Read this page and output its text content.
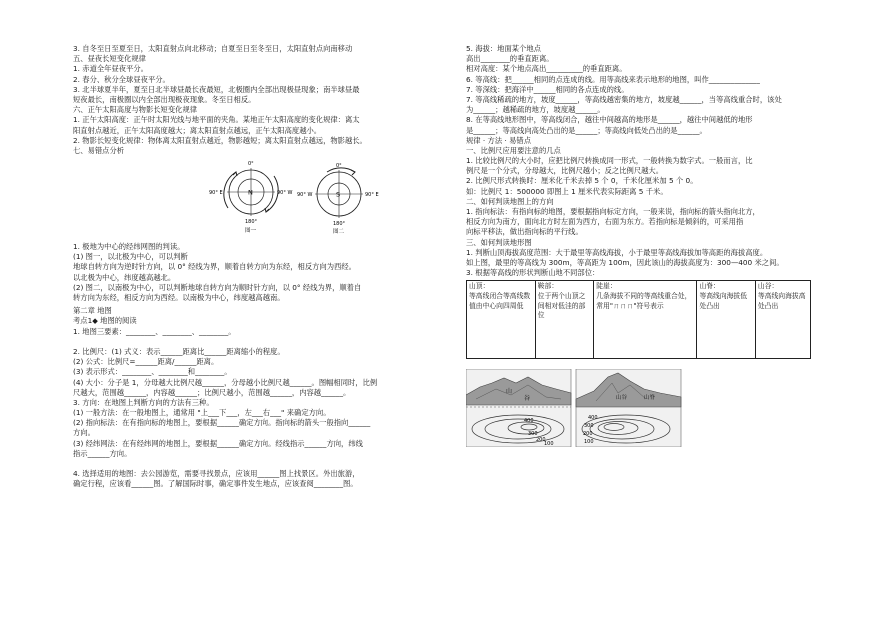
3. 自冬至日至夏至日，太阳直射点向北移动；自夏至日至冬至日，太阳直射点向南移动
五、昼夜长短变化规律
1. 赤道全年昼夜平分。
2. 春分、秋分全球昼夜平分。
3. 北半球夏半年，夏至日北半球昼最长夜最短，北极圈内全部出现极昼现象；南半球昼最
短夜最长，南极圈以内全部出现极夜现象。冬至日相反。
六、正午太阳高度与物影长短变化规律
1. 正午太阳高度：正午时太阳光线与地平面的夹角。某地正午太阳高度的变化规律：离太
阳直射点越近，正午太阳高度越大；离太阳直射点越远，正午太阳高度越小。
2. 物影长短变化规律：物体离太阳直射点越近，物影越短；离太阳直射点越远，物影越长。
七、易错点分析
N
0°
180°
90° E	90° W
图一
S
0°
180°
90° W	90° E
图二
1. 极地为中心的经纬网图的判读。
(1) 图一，以北极为中心，可以判断
地球自转方向为逆时针方向，以 0° 经线为界，顺着自转方向为东经，相反方向为西经。
以北极为中心，纬度越高越北。
(2) 图二，以南极为中心，可以判断地球自转方向为顺时针方向，以 0° 经线为界，顺着自
转方向为东经，相反方向为西经。以南极为中心，纬度越高越南。
第二章 地图
考点1◆ 地图的阅读
1. 地图三要素：________、________、________。
2. 比例尺：(1) 式义：表示______距离比______距离缩小的程度。
(2) 公式：比例尺=______距离/______距离。
(3) 表示形式：________、________和________。
(4) 大小：分子是 1，分母越大比例尺越______，分母越小比例尺越______。图幅相同时，比例
尺越大，范围越______，内容越______；比例尺越小，范围越______，内容越______。
3. 方向：在地图上判断方向的方法有三种。
(1) 一般方法：在一般地图上，通常用 "上___下___，左___右___" 来确定方向。
(2) 指向标法：在有指向标的地图上，要根据______确定方向。指向标的箭头一般指向______
方向。
(3) 经纬网法：在有经纬网的地图上，要根据______确定方向。经线指示______方向，纬线
指示______方向。
4. 选择适用的地图：去公园游览，需要寻找景点，应该用______图上找景区。外出旅游，
确定行程，应该看______图。了解国际时事，确定事件发生地点，应该查阅________图。
5. 海拔：地面某个地点
高出________的垂直距离。
相对高度：某个地点高出__________的垂直距离。
6. 等高线：把______相同的点连成的线。用等高线来表示地形的地图，叫作______________
7. 等深线：把海洋中______相同的各点连成的线。
7. 等高线稀疏的地方，坡度______，等高线越密集的地方，坡度越______，当等高线重合时，该处
为______；越稀疏的地方，坡度越______。
8. 在等高线地形图中，等高线闭合，越往中间越高的地形是______，越往中间越低的地形
是______；等高线向高处凸出的是______；等高线向低处凸出的是______。
规律 · 方法 · 易错点
一、比例尺应用要注意的几点
1. 比较比例尺的大小时，应把比例尺转换成同一形式，一般转换为数字式。一般而言，比
例尺是一个分式，分母越大，比例尺越小；反之比例尺越大。
2. 比例尺形式转换时：厘米化千米去掉 5 个 0，千米化厘米加 5 个 0。
如：比例尺 1：500000 即图上 1 厘米代表实际距离 5 千米。
二、如何判读地图上的方向
1. 指向标法：有指向标的地图，要根据指向标定方向，一般来说，指向标的箭头指向北方，
相反方向为南方，面向北方时左面为西方，右面为东方。若指向标是倾斜的，可采用指
向标平移法，做出指向标的平行线。
三、如何判读地形图
1. 判断山顶海拔高度范围：大于最里等高线海拔，小于最里等高线海拔加等高距的海拔高度。
如上图，最里的等高线为 300m，等高距为 100m，因此该山的海拔高度为：300—400 米之间。
3. 根据等高线的形状判断山地不同部位：
山顶：
等高线闭合等高线数值由中心向四周低	
鞍部：
位于两个山顶之间相对低洼的部位	
陡崖：
几条海拔不同的等高线重合处，常用"ㄇㄇㄇ"符号表示	
山脊：
等高线向海拔低处凸出	
山谷：
等高线向海拔高处凸出
山
谷
400
300
200
100
山谷	山脊
400
300
200
100
